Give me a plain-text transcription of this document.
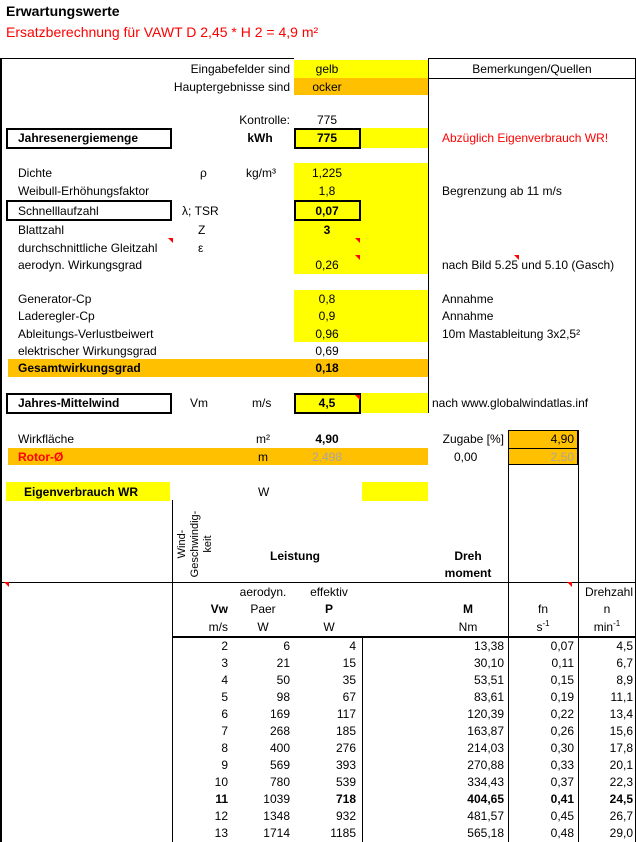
Erwartungswerte
Ersatzberechnung für VAWT D 2,45 * H 2 = 4,9 m²
Eingabefelder sind	gelb
Hauptergebnisse sind	ocker
Bemerkungen/Quellen
Kontrolle:	775
Jahresenergiemenge	kWh	775	Abzüglich Eigenverbrauch WR!
Dichte	ρ	kg/m³	1,225
Weibull-Erhöhungsfaktor	1,8	Begrenzung ab 11 m/s
Schnelllaufzahl	λ; TSR	0,07
Blattzahl	Z	3
durchschnittliche Gleitzahl	ε
aerodyn. Wirkungsgrad	0,26	nach Bild 5.25 und 5.10 (Gasch)
Generator-Cp	0,8	Annahme
Laderegler-Cp	0,9	Annahme
Ableitungs-Verlustbeiwert	0,96	10m Mastableitung 3x2,5²
elektrischer Wirkungsgrad	0,69
Gesamtwirkungsgrad	0,18
Jahres-Mittelwind	Vm	m/s	4,5	nach www.globalwindatlas.inf
Wirkfläche	m²	4,90	Zugabe [%]	4,90
Rotor-Ø	m	2,498	0,00	2,50
Eigenverbrauch WR	W
Wind- Geschwindig- keit
Leistung	Dreh
moment
aerodyn.	effektiv	Drehzahl
Vw	Paer	P	M	fn	n
m/s	W	W	Nm	$s^{-1}$	$\min^{-1}$
2	6	4	13,38	0,07	4,5
3	21	15	30,10	0,11	6,7
4	50	35	53,51	0,15	8,9
5	98	67	83,61	0,19	11,1
6	169	117	120,39	0,22	13,4
7	268	185	163,87	0,26	15,6
8	400	276	214,03	0,30	17,8
9	569	393	270,88	0,33	20,1
10	780	539	334,43	0,37	22,3
11	1039	718	404,65	0,41	24,5
12	1348	932	481,57	0,45	26,7
13	1714	1185	565,18	0,48	29,0
